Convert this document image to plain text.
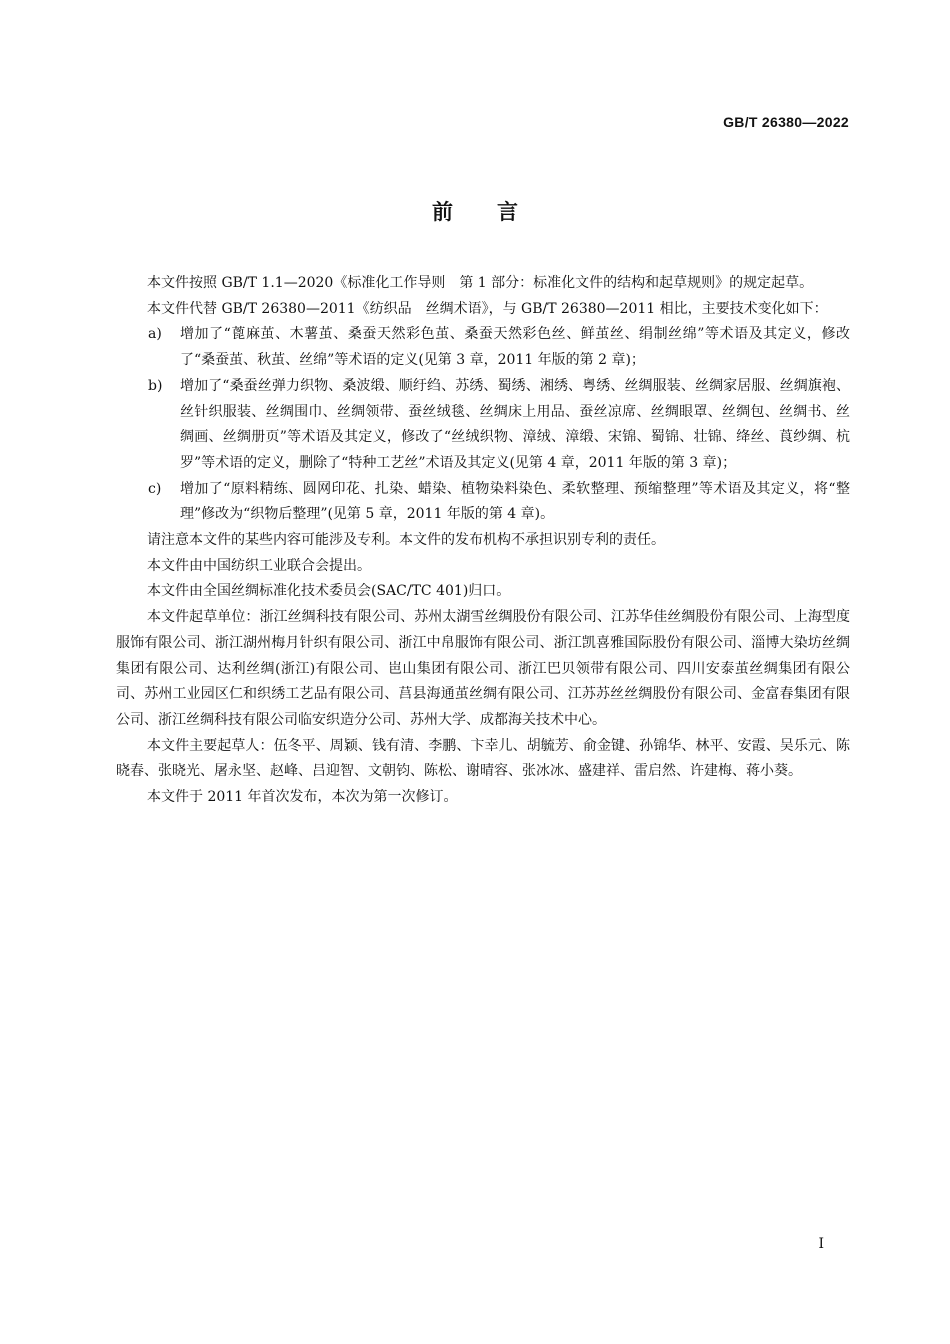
GB/T 26380—2022
前言

本文件按照 GB/T 1.1—2020《标准化工作导则　第 1 部分：标准化文件的结构和起草规则》的规定起草。

本文件代替 GB/T 26380—2011《纺织品　丝绸术语》，与 GB/T 26380—2011 相比，主要技术变化如下：

a) 增加了“蓖麻茧、木薯茧、桑蚕天然彩色茧、桑蚕天然彩色丝、鲜茧丝、绢制丝绵”等术语及其定义，修改了“桑蚕茧、秋茧、丝绵”等术语的定义(见第 3 章，2011 年版的第 2 章)；
b) 增加了“桑蚕丝弹力织物、桑波缎、顺纡绉、苏绣、蜀绣、湘绣、粤绣、丝绸服装、丝绸家居服、丝绸旗袍、丝针织服装、丝绸围巾、丝绸领带、蚕丝绒毯、丝绸床上用品、蚕丝凉席、丝绸眼罩、丝绸包、丝绸书、丝绸画、丝绸册页”等术语及其定义，修改了“丝绒织物、漳绒、漳缎、宋锦、蜀锦、壮锦、绛丝、莨纱绸、杭罗”等术语的定义，删除了“特种工艺丝”术语及其定义(见第 4 章，2011 年版的第 3 章)；
c) 增加了“原料精练、圆网印花、扎染、蜡染、植物染料染色、柔软整理、预缩整理”等术语及其定义，将“整理”修改为“织物后整理”(见第 5 章，2011 年版的第 4 章)。

请注意本文件的某些内容可能涉及专利。本文件的发布机构不承担识别专利的责任。

本文件由中国纺织工业联合会提出。

本文件由全国丝绸标准化技术委员会(SAC/TC 401)归口。

本文件起草单位：浙江丝绸科技有限公司、苏州太湖雪丝绸股份有限公司、江苏华佳丝绸股份有限公司、上海型度服饰有限公司、浙江湖州梅月针织有限公司、浙江中帛服饰有限公司、浙江凯喜雅国际股份有限公司、淄博大染坊丝绸集团有限公司、达利丝绸(浙江)有限公司、岜山集团有限公司、浙江巴贝领带有限公司、四川安泰茧丝绸集团有限公司、苏州工业园区仁和织绣工艺品有限公司、莒县海通茧丝绸有限公司、江苏苏丝丝绸股份有限公司、金富春集团有限公司、浙江丝绸科技有限公司临安织造分公司、苏州大学、成都海关技术中心。

本文件主要起草人：伍冬平、周颖、钱有清、李鹏、卞幸儿、胡毓芳、俞金键、孙锦华、林平、安霞、吴乐元、陈晓春、张晓光、屠永坚、赵峰、吕迎智、文朝钧、陈松、谢晴容、张冰冰、盛建祥、雷启然、许建梅、蒋小葵。

本文件于 2011 年首次发布，本次为第一次修订。

I
